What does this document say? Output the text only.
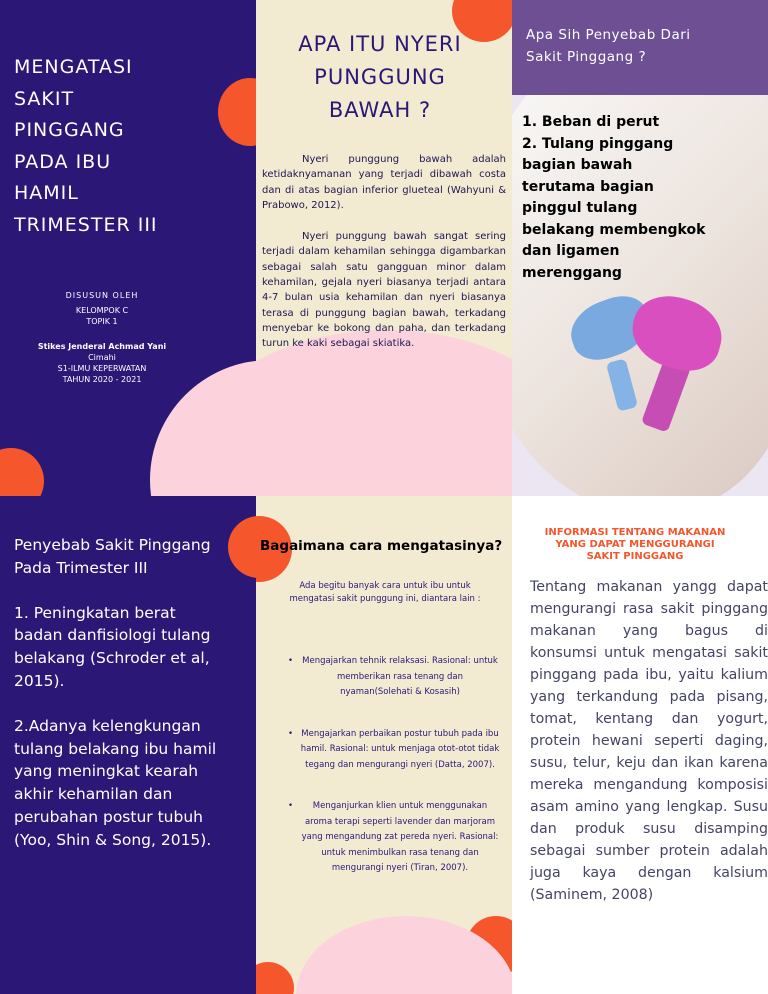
MENGATASI
SAKIT
PINGGANG
PADA IBU
HAMIL
TRIMESTER III
DISUSUN OLEH
KELOMPOK C
TOPIK 1
Stikes Jenderal Achmad Yani
Cimahi
S1-ILMU KEPERWATAN
TAHUN 2020 - 2021
APA ITU NYERI
PUNGGUNG
BAWAH ?

Nyeri punggung bawah adalah ketidaknyamanan yang terjadi dibawah costa dan di atas bagian inferior glueteal (Wahyuni & Prabowo, 2012).

Nyeri punggung bawah sangat sering terjadi dalam kehamilan sehingga digambarkan sebagai salah satu gangguan minor dalam kehamilan, gejala nyeri biasanya terjadi antara 4-7 bulan usia kehamilan dan nyeri biasanya terasa di punggung bagian bawah, terkadang menyebar ke bokong dan paha, dan terkadang turun ke kaki sebagai skiatika.

Apa Sih Penyebab Dari
Sakit Pinggang ?
1. Beban di perut
2. Tulang pinggang
bagian bawah
terutama bagian
pinggul tulang
belakang membengkok
dan ligamen
merenggang

Penyebab Sakit Pinggang Pada Trimester III

1. Peningkatan berat badan danfisiologi tulang belakang (Schroder et al, 2015).

2.Adanya kelengkungan tulang belakang ibu hamil yang meningkat kearah akhir kehamilan dan perubahan postur tubuh (Yoo, Shin & Song, 2015).

Bagaimana cara mengatasinya?
Ada begitu banyak cara untuk ibu untuk mengatasi sakit punggung ini, diantara lain :
• Mengajarkan tehnik relaksasi. Rasional: untuk memberikan rasa tenang dan nyaman(Solehati & Kosasih)
• Mengajarkan perbaikan postur tubuh pada ibu hamil. Rasional: untuk menjaga otot-otot tidak tegang dan mengurangi nyeri (Datta, 2007).
• Menganjurkan klien untuk menggunakan aroma terapi seperti lavender dan marjoram yang mengandung zat pereda nyeri. Rasional: untuk menimbulkan rasa tenang dan mengurangi nyeri (Tiran, 2007).
INFORMASI TENTANG MAKANAN
YANG DAPAT MENGGURANGI
SAKIT PINGGANG
Tentang makanan yangg dapat mengurangi rasa sakit pinggang makanan yang bagus di konsumsi untuk mengatasi sakit pinggang pada ibu, yaitu kalium yang terkandung pada pisang, tomat, kentang dan yogurt, protein hewani seperti daging, susu, telur, keju dan ikan karena mereka mengandung komposisi asam amino yang lengkap. Susu dan produk susu disamping sebagai sumber protein adalah juga kaya dengan kalsium (Saminem, 2008)
